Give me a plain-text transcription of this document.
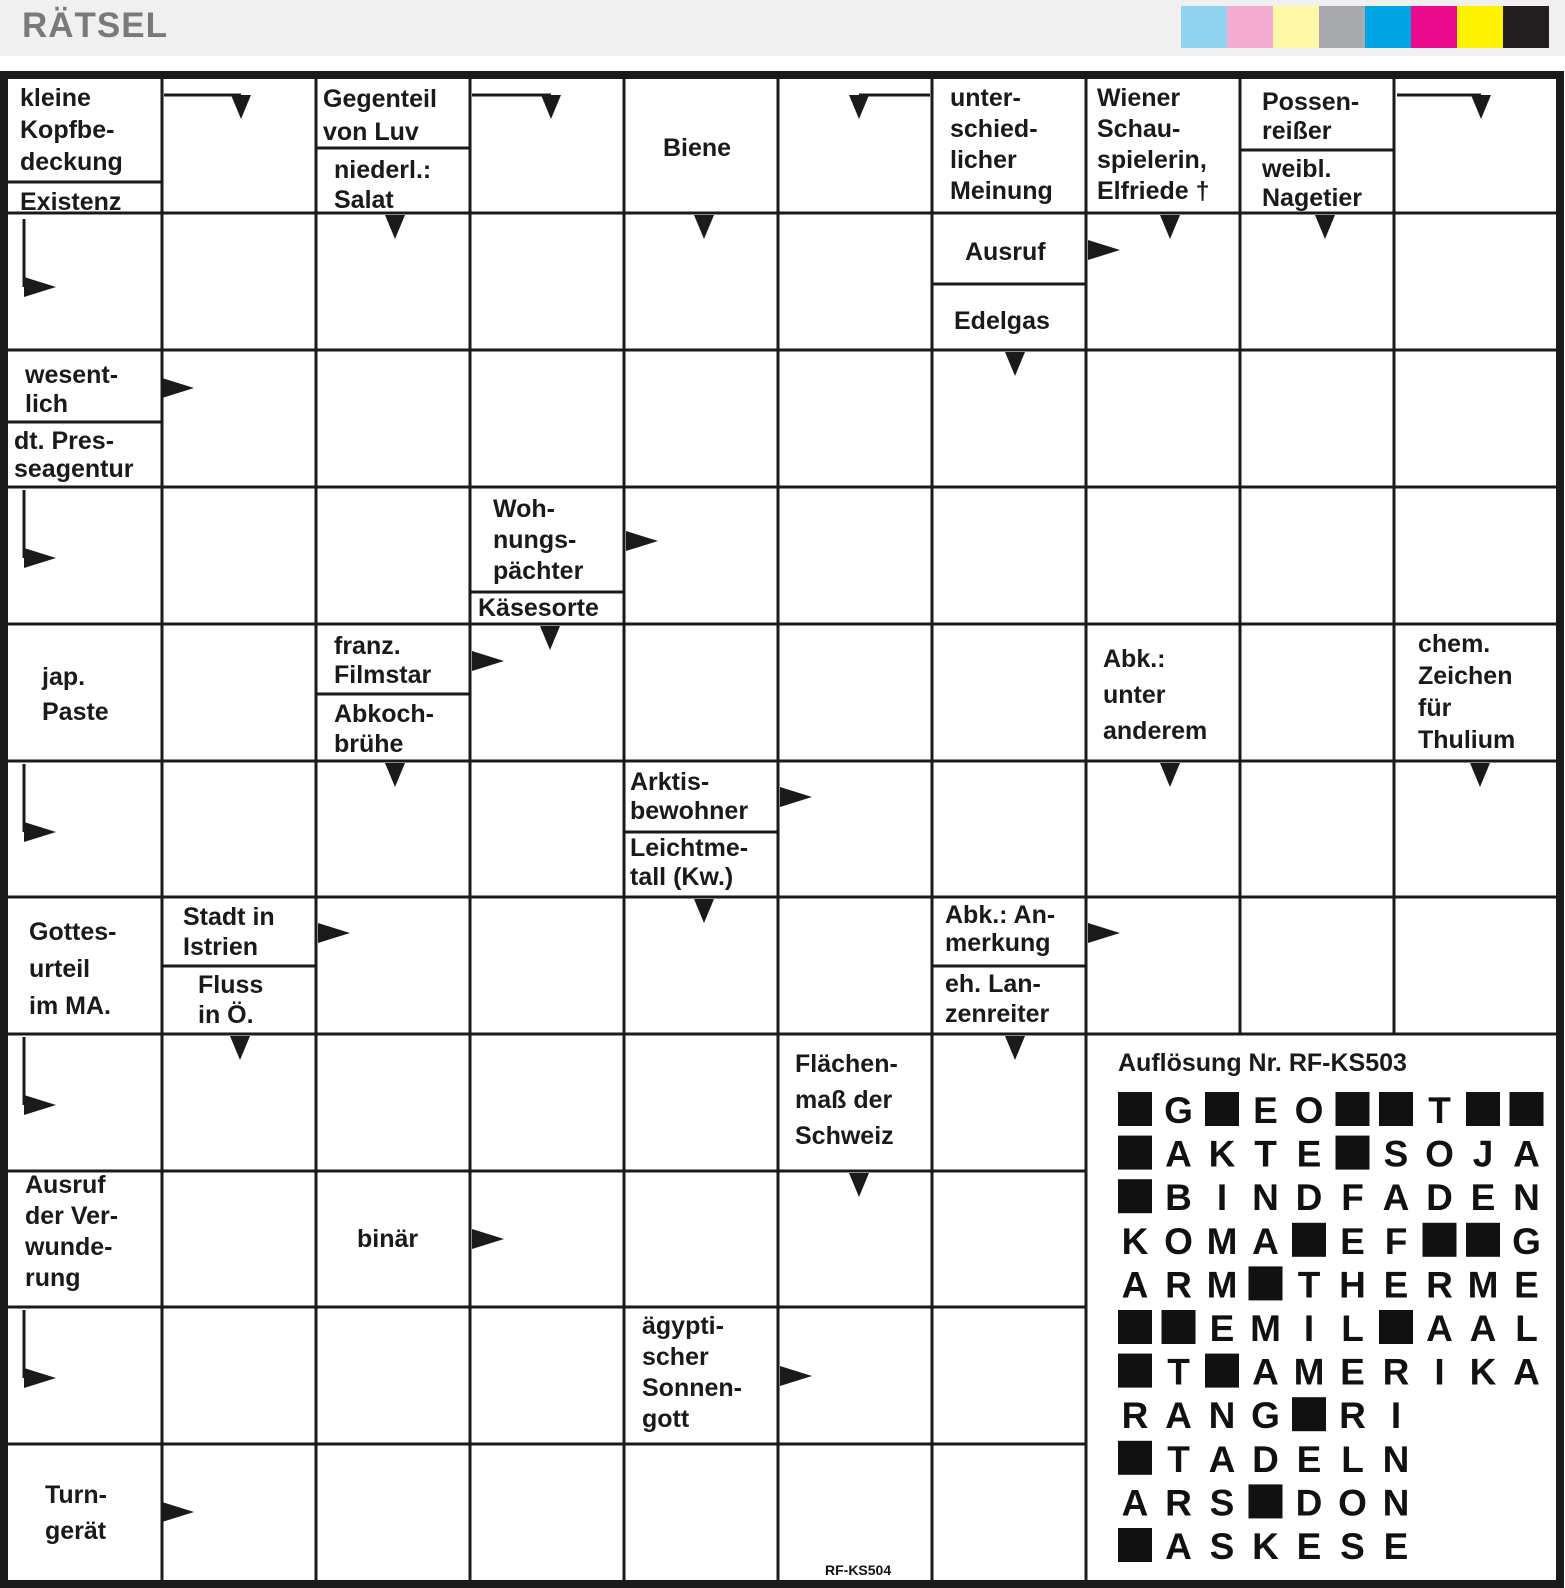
RÄTSEL
kleine Kopfbe-deckung
Existenz
Gegenteil von Luv
niederl.: Salat
Biene
unter-schied-licher Meinung
Wiener Schau-spielerin, Elfriede †
Possen-reißer
weibl. Nagetier
Ausruf
Edelgas
wesent-lich
dt. Pres-seagentur
Woh-nungs-pächter
Käsesorte
jap. Paste
franz. Filmstar
Abkoch-brühe
Abk.: unter anderem
chem. Zeichen für Thulium
Arktis-bewohner
Leichtme-tall (Kw.)
Gottes-urteil im MA.
Stadt in Istrien
Fluss in Ö.
Abk.: An-merkung
eh. Lan-zenreiter
Flächen-maß der Schweiz
Ausruf der Ver-wunde-rung
binär
ägypti-scher Sonnen-gott
Turn-gerät
Auflösung Nr. RF-KS503
G E O	T
A K T E S O J A
B I N D F A D E N
K O M A E F	G
A R M T H E R M E
E M I L A A L
T A M E R I K A
R A N G R I
T A D E L N
A R S D O N
A S K E S E
RF-KS504
